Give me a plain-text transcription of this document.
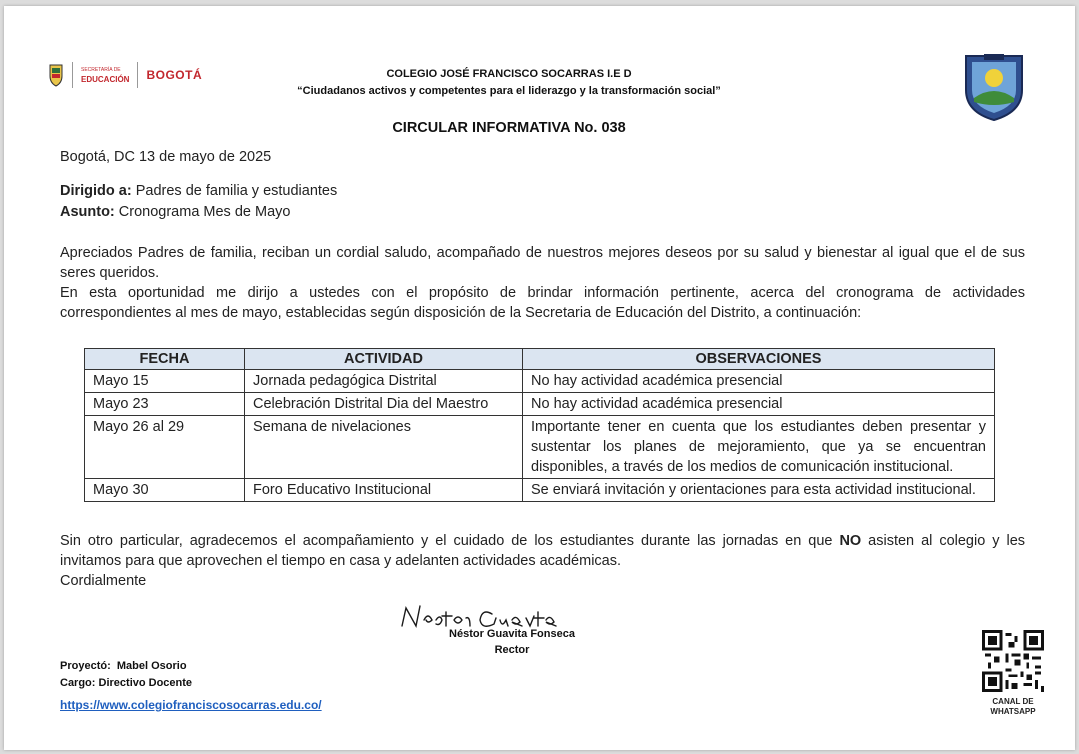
SECRETARÍA DE
EDUCACIÓN BOGOTÁ	COLEGIO JOSÉ FRANCISCO SOCARRAS I.E D
“Ciudadanos activos y competentes para el liderazgo y la transformación social”
CIRCULAR INFORMATIVA No. 038
Bogotá, DC 13 de mayo de 2025
Dirigido a: Padres de familia y estudiantes
Asunto: Cronograma Mes de Mayo
Apreciados Padres de familia, reciban un cordial saludo, acompañado de nuestros mejores deseos por su salud y bienestar al igual que el de sus
seres queridos.
En esta oportunidad me dirijo a ustedes con el propósito de brindar información pertinente, acerca del cronograma de actividades
correspondientes al mes de mayo, establecidas según disposición de la Secretaria de Educación del Distrito, a continuación:
FECHA	ACTIVIDAD	OBSERVACIONES
Mayo 15	Jornada pedagógica Distrital	No hay actividad académica presencial
Mayo 23	Celebración Distrital Dia del Maestro	No hay actividad académica presencial
Mayo 26 al 29	Semana de nivelaciones	Importante tener en cuenta que los estudiantes deben presentar y sustentar los planes de mejoramiento, que ya se encuentran disponibles, a través de los medios de comunicación institucional.
Mayo 30	Foro Educativo Institucional	Se enviará invitación y orientaciones para esta actividad institucional.
Sin otro particular, agradecemos el acompañamiento y el cuidado de los estudiantes durante las jornadas en que NO asisten al colegio y les
invitamos para que aprovechen el tiempo en casa y adelanten actividades académicas.
Cordialmente
Néstor Guavita Fonseca
Rector
Proyectó: Mabel Osorio
Cargo: Directivo Docente
https://www.colegiofranciscosocarras.edu.co/	CANAL DE
WHATSAPP
